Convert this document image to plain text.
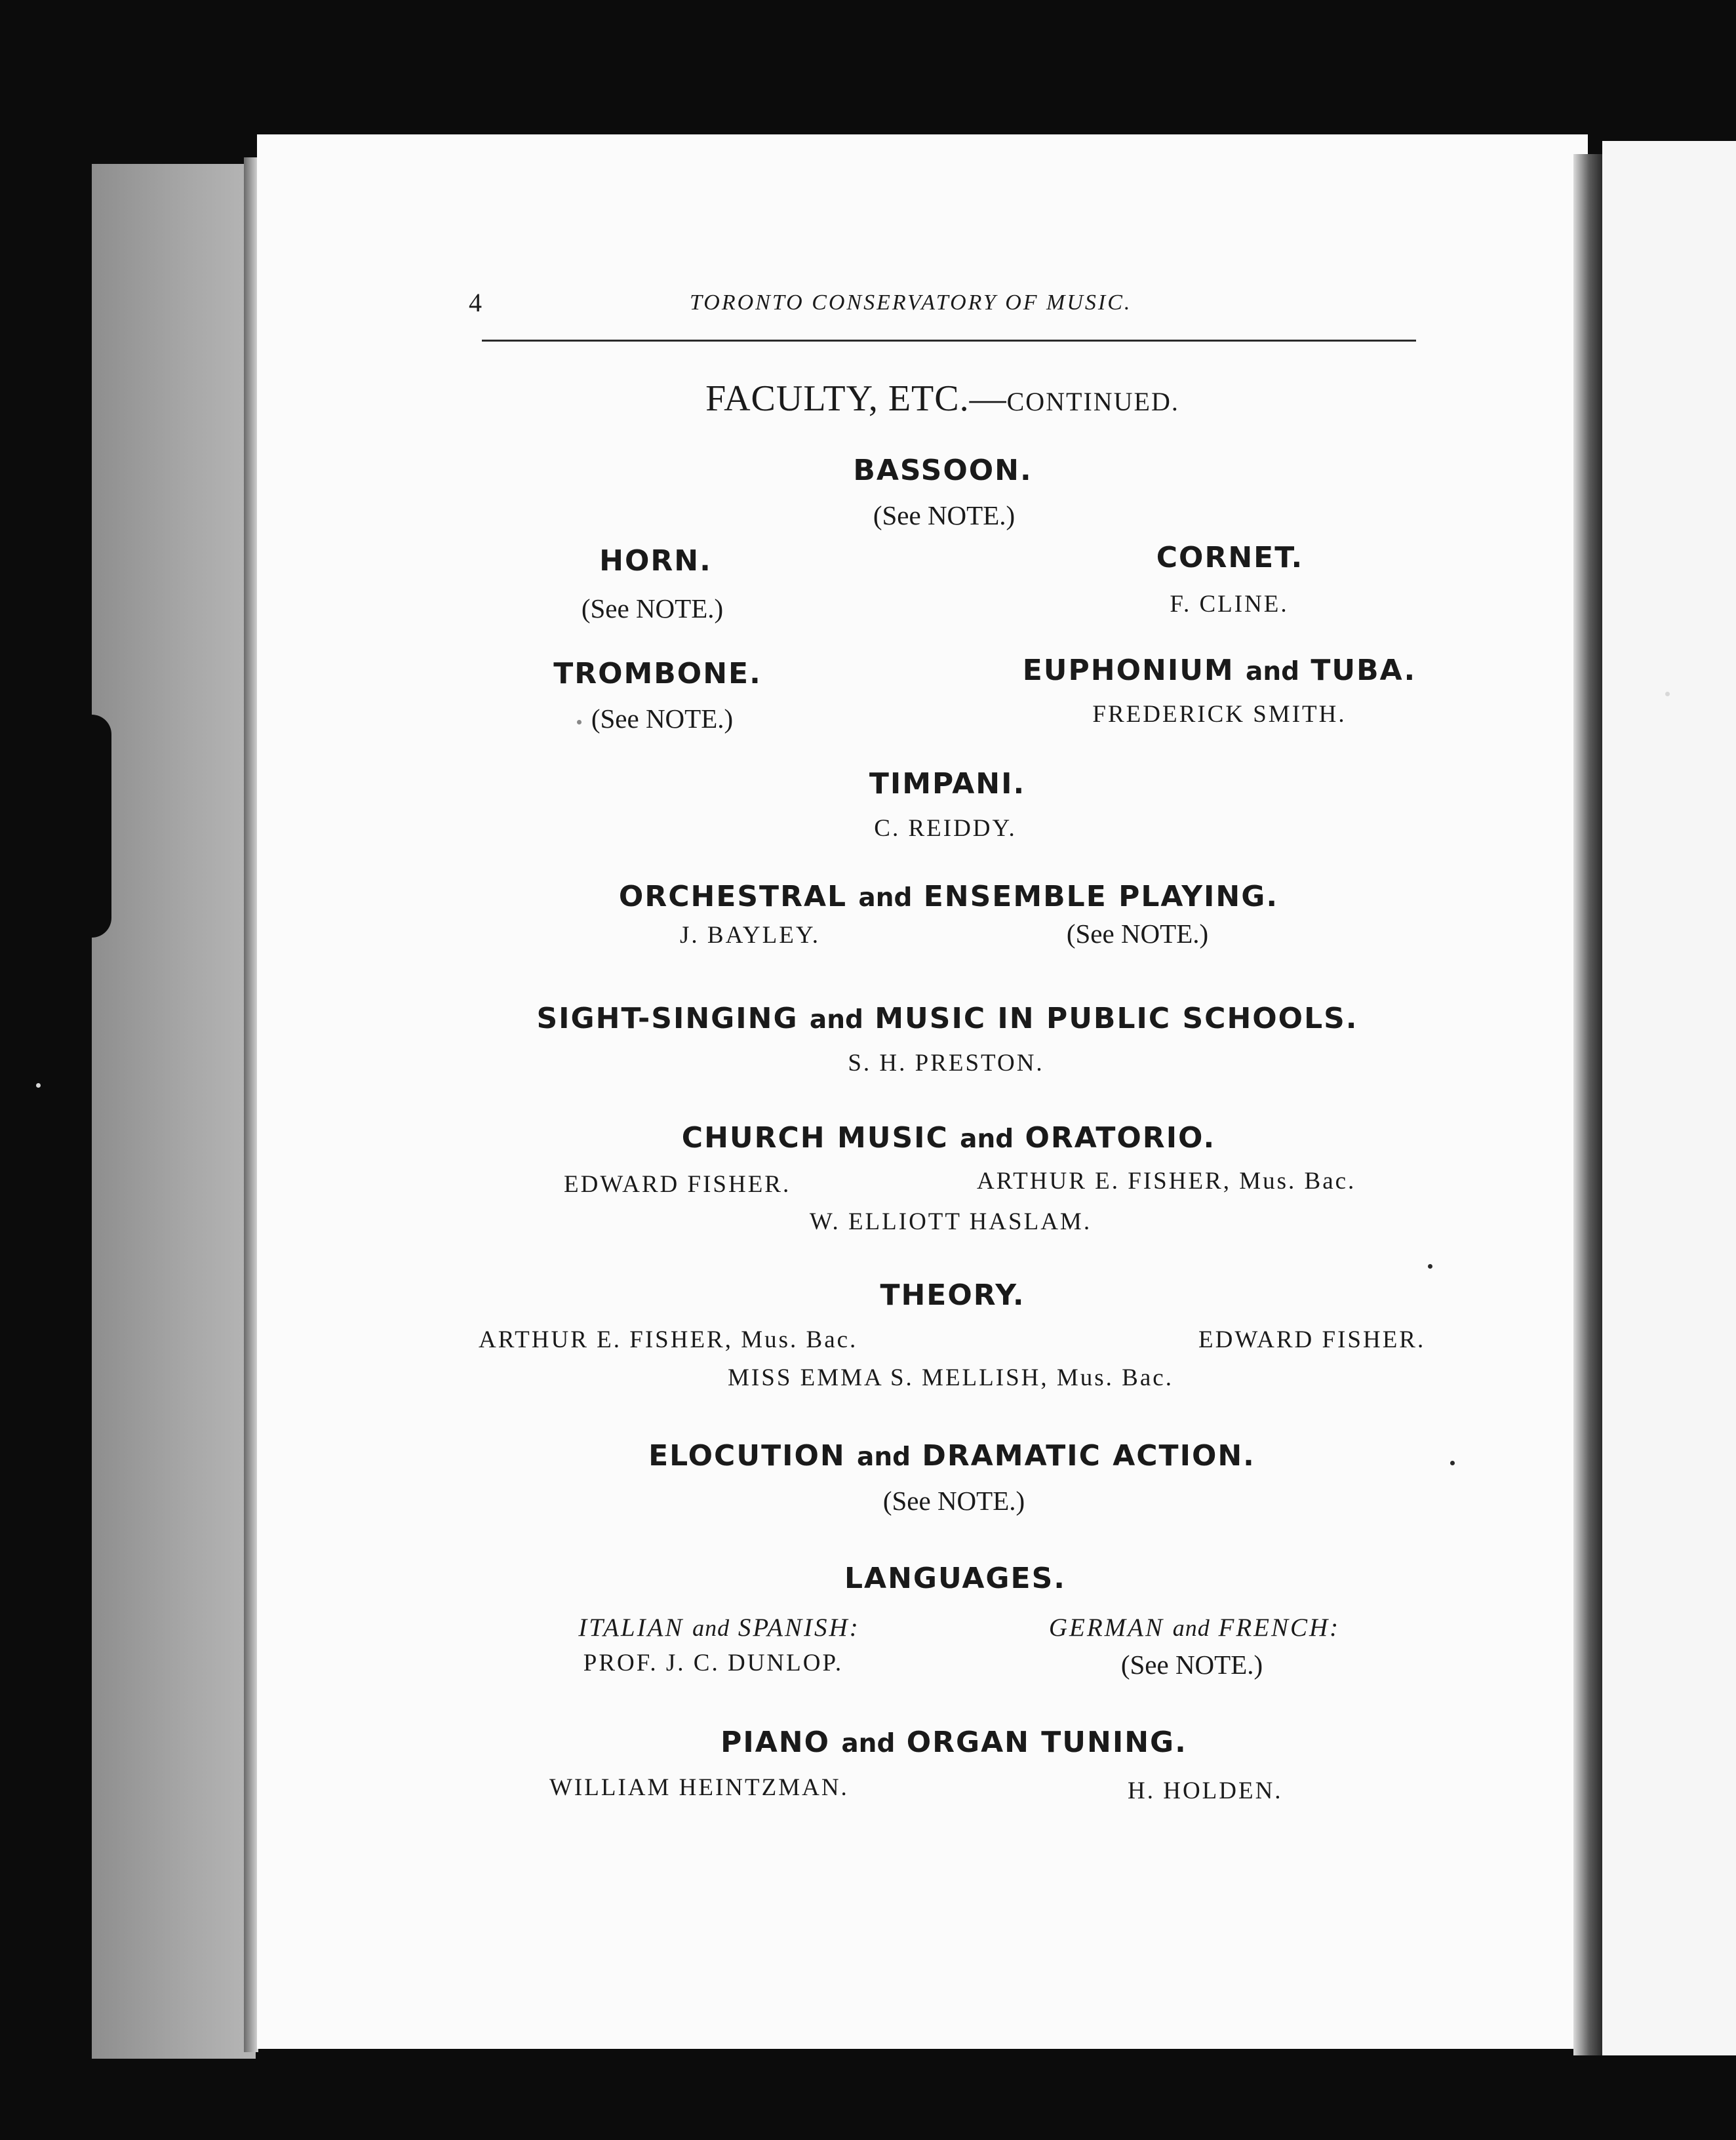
4	TORONTO CONSERVATORY OF MUSIC.
FACULTY, ETC.—CONTINUED.
BASSOON.
(See NOTE.)
HORN.
(See NOTE.)
CORNET.
F. CLINE.
TROMBONE.
(See NOTE.)
EUPHONIUM and TUBA.
FREDERICK SMITH.
TIMPANI.
C. REIDDY.
ORCHESTRAL and ENSEMBLE PLAYING.
J. BAYLEY.	(See NOTE.)
SIGHT-SINGING and MUSIC IN PUBLIC SCHOOLS.
S. H. PRESTON.
CHURCH MUSIC and ORATORIO.
EDWARD FISHER.	ARTHUR E. FISHER, Mus. Bac.
W. ELLIOTT HASLAM.
THEORY.
ARTHUR E. FISHER, Mus. Bac.	EDWARD FISHER.
MISS EMMA S. MELLISH, Mus. Bac.
ELOCUTION and DRAMATIC ACTION.
(See NOTE.)
LANGUAGES.
ITALIAN and SPANISH:
PROF. J. C. DUNLOP.
GERMAN and FRENCH:
(See NOTE.)
PIANO and ORGAN TUNING.
WILLIAM HEINTZMAN.	H. HOLDEN.
